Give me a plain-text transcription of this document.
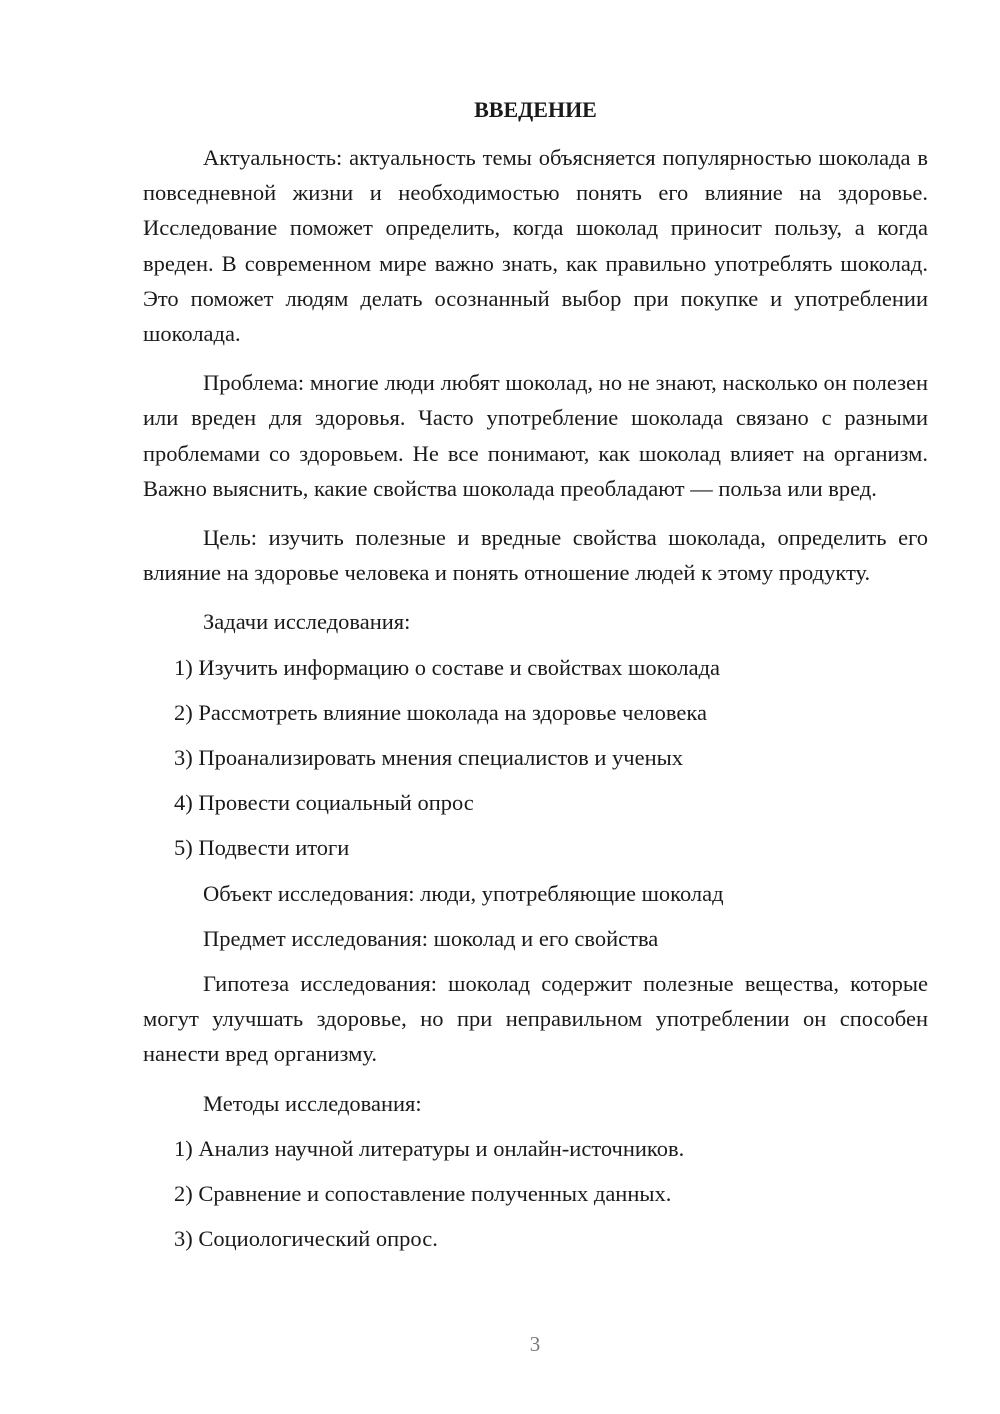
ВВЕДЕНИЕ

Актуальность: актуальность темы объясняется популярностью шоколада в повседневной жизни и необходимостью понять его влияние на здоровье. Исследование поможет определить, когда шоколад приносит пользу, а когда вреден. В современном мире важно знать, как правильно употреблять шоколад. Это поможет людям делать осознанный выбор при покупке и употреблении шоколада.

Проблема: многие люди любят шоколад, но не знают, насколько он полезен или вреден для здоровья. Часто употребление шоколада связано с разными проблемами со здоровьем. Не все понимают, как шоколад влияет на организм. Важно выяснить, какие свойства шоколада преобладают — польза или вред.

Цель: изучить полезные и вредные свойства шоколада, определить его влияние на здоровье человека и понять отношение людей к этому продукту.

Задачи исследования:
1) Изучить информацию о составе и свойствах шоколада
2) Рассмотреть влияние шоколада на здоровье человека
3) Проанализировать мнения специалистов и ученых
4) Провести социальный опрос
5) Подвести итоги
Объект исследования: люди, употребляющие шоколад
Предмет исследования: шоколад и его свойства

Гипотеза исследования: шоколад содержит полезные вещества, которые могут улучшать здоровье, но при неправильном употреблении он способен нанести вред организму.

Методы исследования:
1) Анализ научной литературы и онлайн-источников.
2) Сравнение и сопоставление полученных данных.
3) Социологический опрос.
3
